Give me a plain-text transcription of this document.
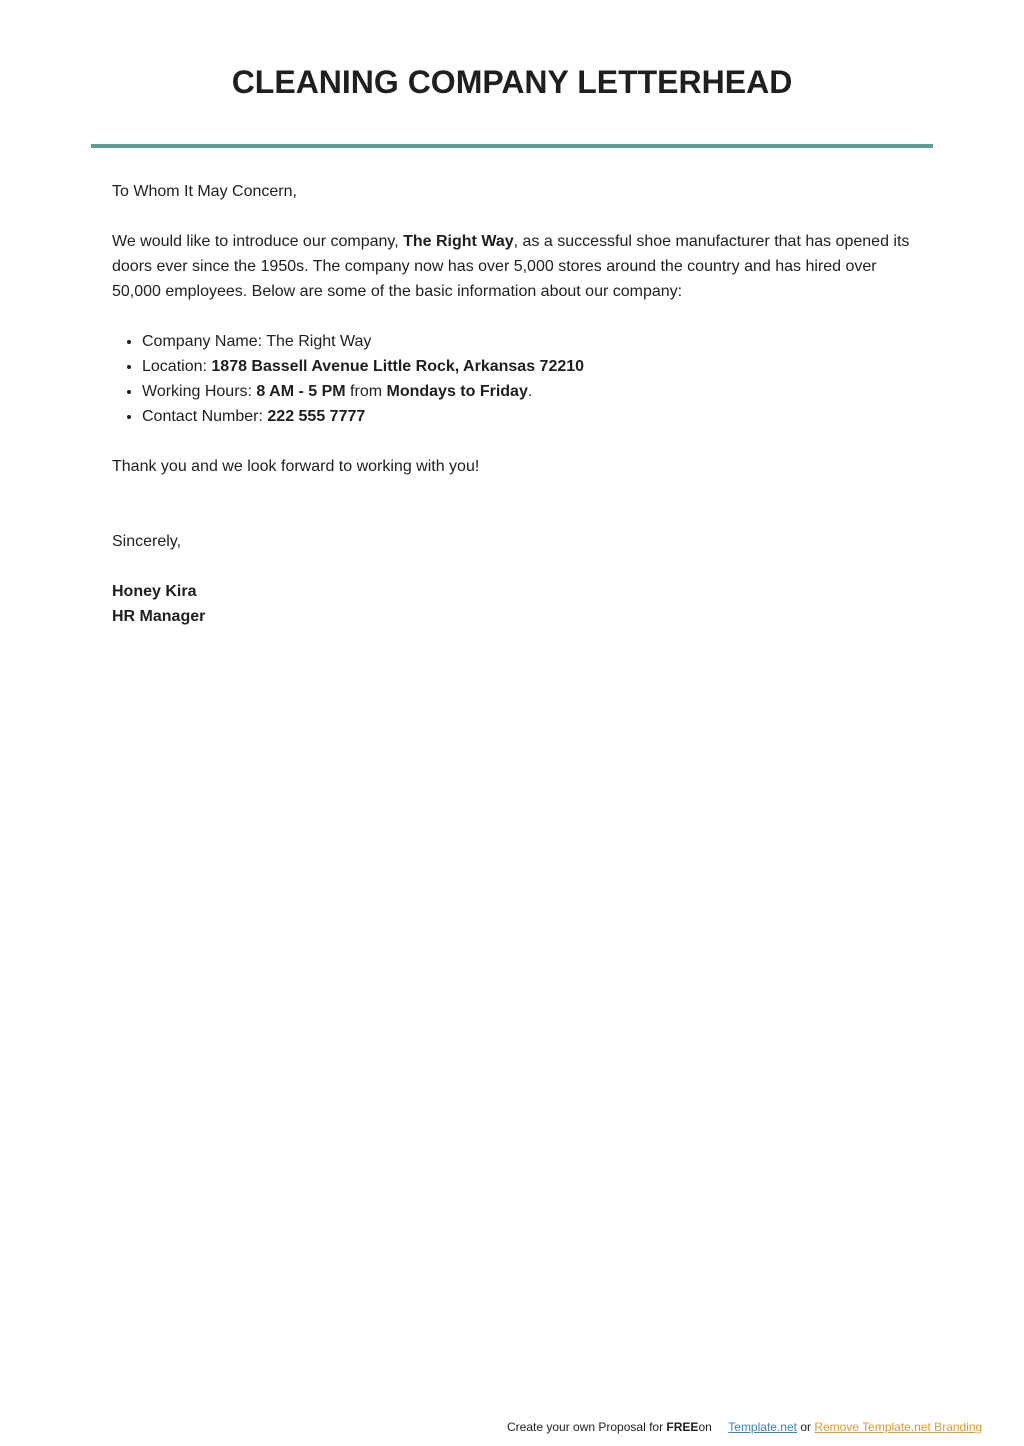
CLEANING COMPANY LETTERHEAD

To Whom It May Concern,

We would like to introduce our company, The Right Way, as a successful shoe manufacturer that has opened its doors ever since the 1950s. The company now has over 5,000 stores around the country and has hired over 50,000 employees. Below are some of the basic information about our company:

• Company Name: The Right Way
• Location: 1878 Bassell Avenue Little Rock, Arkansas 72210
• Working Hours: 8 AM - 5 PM from Mondays to Friday.
• Contact Number: 222 555 7777

Thank you and we look forward to working with you!

Sincerely,

Honey Kira

HR Manager

Create your own Proposal for FREEon Template.net or Remove Template.net Branding
